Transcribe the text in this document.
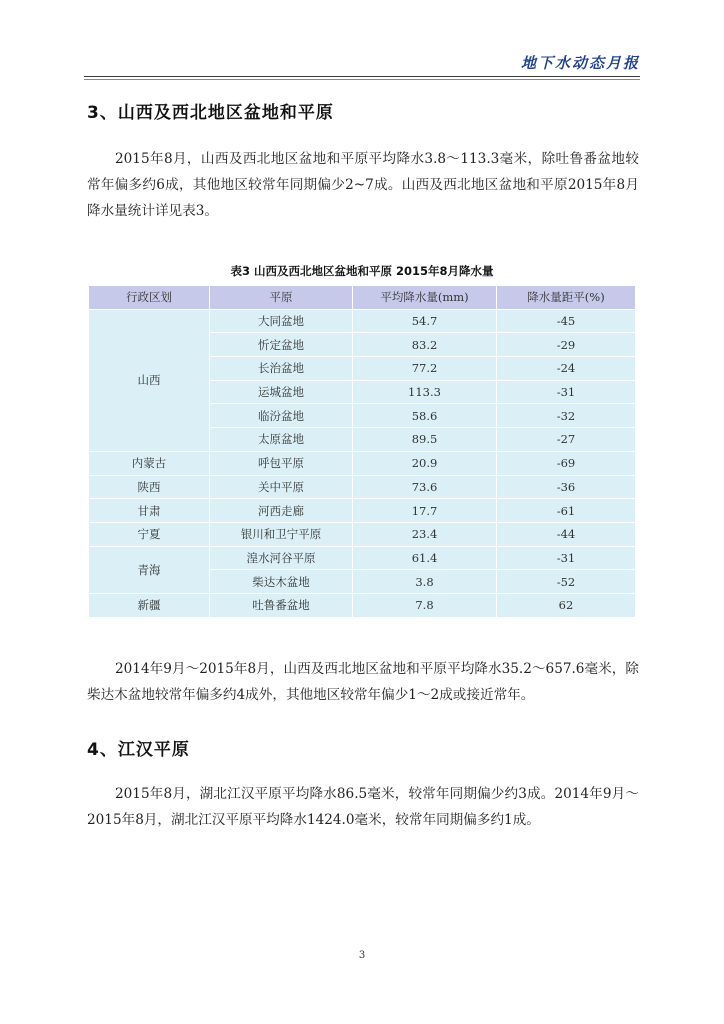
地下水动态月报
3、山西及西北地区盆地和平原
2015年8月，山西及西北地区盆地和平原平均降水3.8～113.3毫米，除吐鲁番盆地较常年偏多约6成，其他地区较常年同期偏少2~7成。山西及西北地区盆地和平原2015年8月降水量统计详见表3。
表3 山西及西北地区盆地和平原 2015年8月降水量
行政区划	平原	平均降水量(mm)	降水量距平(%)
山西	大同盆地	54.7	-45
	忻定盆地	83.2	-29
	长治盆地	77.2	-24
	运城盆地	113.3	-31
	临汾盆地	58.6	-32
	太原盆地	89.5	-27
内蒙古	呼包平原	20.9	-69
陕西	关中平原	73.6	-36
甘肃	河西走廊	17.7	-61
宁夏	银川和卫宁平原	23.4	-44
青海	湟水河谷平原	61.4	-31
	柴达木盆地	3.8	-52
新疆	吐鲁番盆地	7.8	62
2014年9月～2015年8月，山西及西北地区盆地和平原平均降水35.2～657.6毫米，除柴达木盆地较常年偏多约4成外，其他地区较常年偏少1～2成或接近常年。
4、江汉平原
2015年8月，湖北江汉平原平均降水86.5毫米，较常年同期偏少约3成。2014年9月～2015年8月，湖北江汉平原平均降水1424.0毫米，较常年同期偏多约1成。
3
